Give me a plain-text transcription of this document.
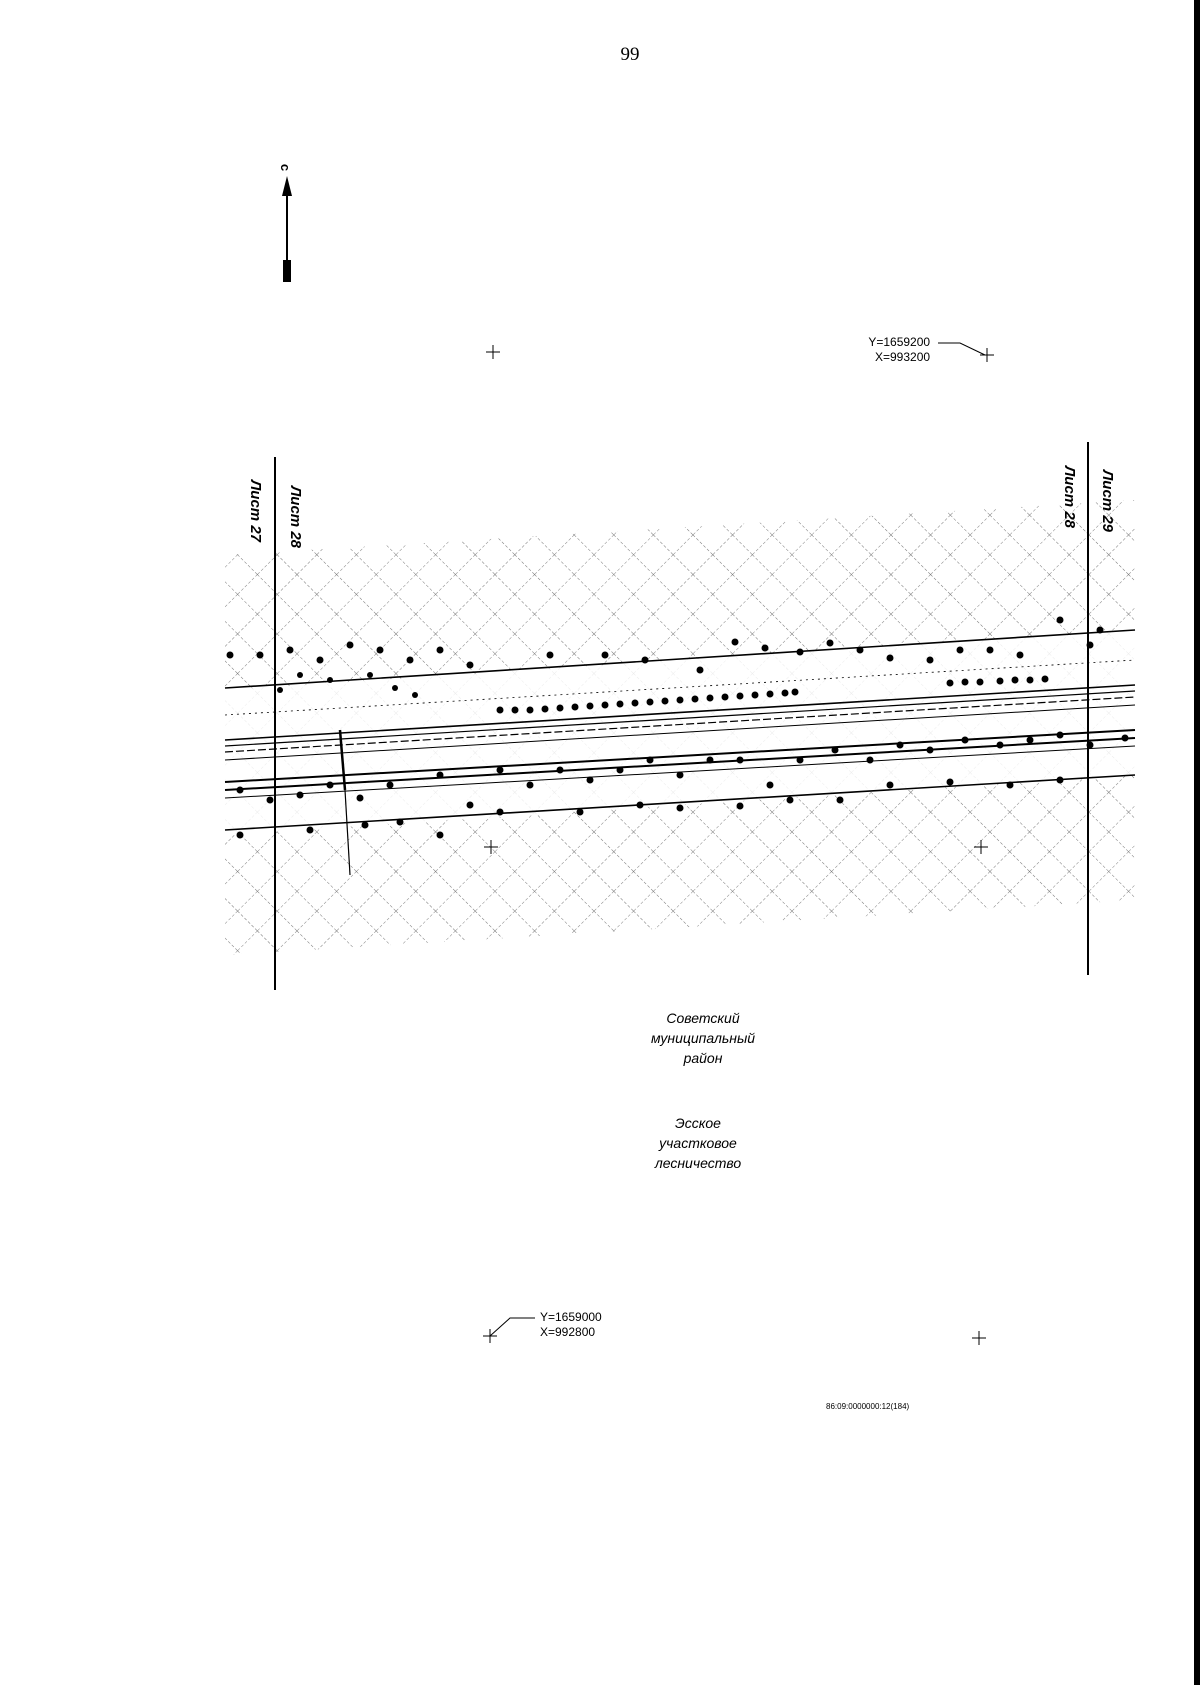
99
с
Лист 27 Лист 28	Лист 28 Лист 29
Y=1659200
X=993200
Y=1659000
X=992800
Советский
муниципальный
район
Эсское
участковое
лесничество
86:09:0000000:12(184)
